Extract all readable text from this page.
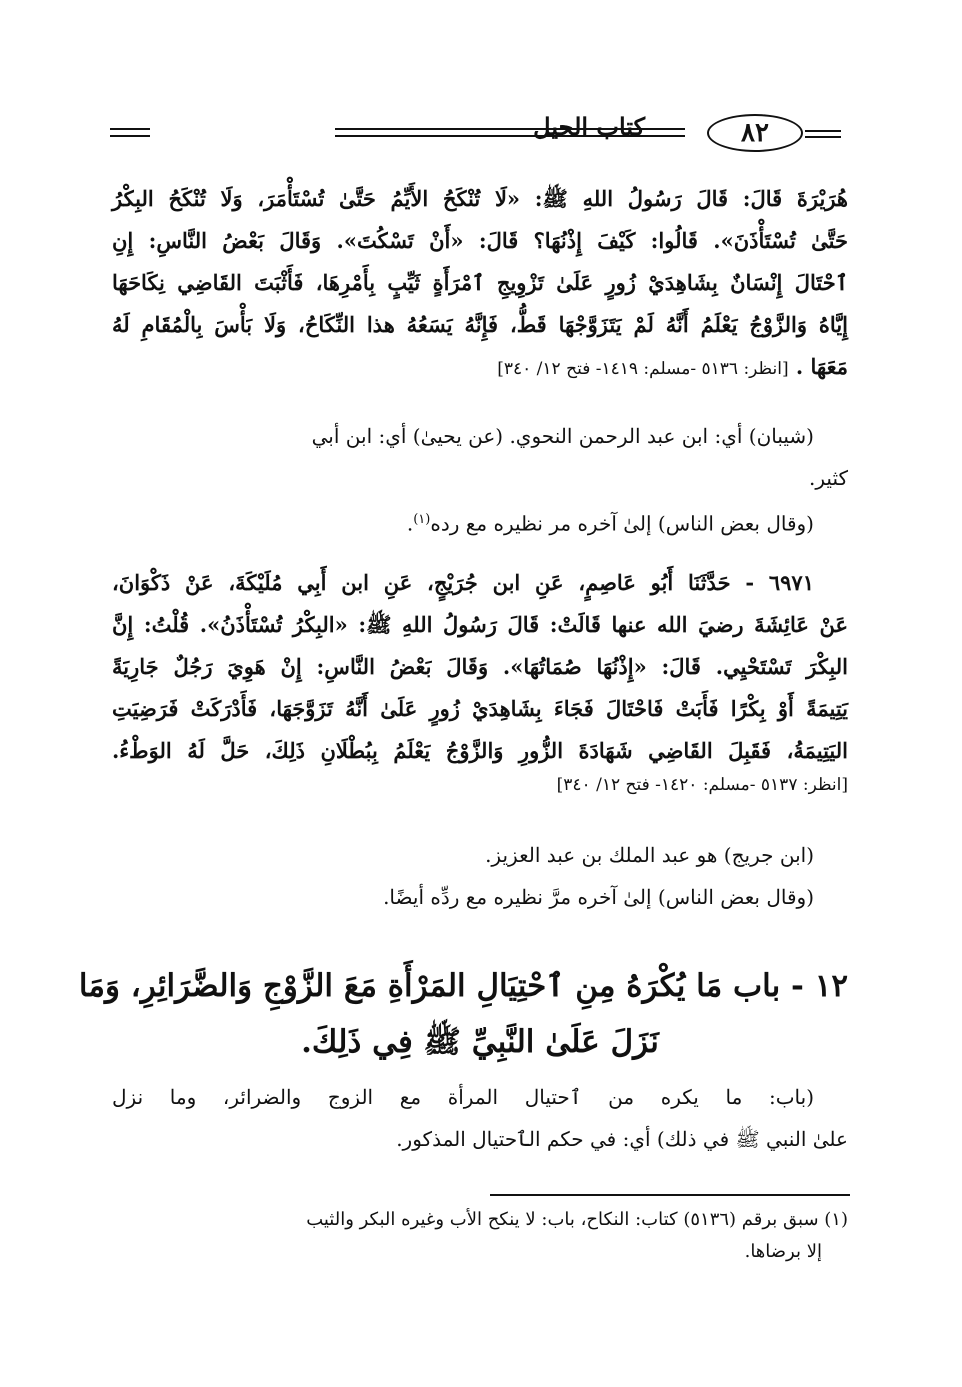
كتاب الحيل	٨٢
هُرَيْرَةَ قَالَ: قَالَ رَسُولُ اللهِ ﷺ: «لَا تُنْكَحُ الأَيِّمُ حَتَّىٰ تُسْتَأْمَرَ، وَلَا تُنْكَحُ البِكْرُ
حَتَّىٰ تُسْتَأْذَنَ». قَالُوا: كَيْفَ إِذْنُهَا؟ قَالَ: «أَنْ تَسْكُتَ». وَقَالَ بَعْضُ النَّاسِ: إِنِ
ٱحْتَالَ إِنْسَانٌ بِشَاهِدَيْ زُورٍ عَلَىٰ تَزْوِيجِ ٱمْرَأَةٍ ثَيِّبٍ بِأَمْرِهَا، فَأَثْبَتَ القَاضِي نِكَاحَهَا
إِيَّاهُ وَالزَّوْجُ يَعْلَمُ أَنَّهُ لَمْ يَتَزَوَّجْهَا قَطُّ، فَإِنَّهُ يَسَعُهُ هذا النِّكَاحُ، وَلَا بَأْسَ بِالْمُقَامِ لَهُ
مَعَهَا . [انظر: ٥١٣٦ -مسلم: ١٤١٩- فتح ١٢/ ٣٤٠]
(شيبان) أي: ابن عبد الرحمن النحوي. (عن يحيىٰ) أي: ابن أبي
كثير.
(وقال بعض الناس) إلىٰ آخره مر نظيره مع رده$^{(١)}$.
٦٩٧١ - حَدَّثَنَا أَبُو عَاصِمٍ، عَنِ ابن جُرَيْجٍ، عَنِ ابن أَبِي مُلَيْكَةَ، عَنْ ذَكْوَانَ،
عَنْ عَائِشَةَ رضيَ الله عنها قَالَتْ: قَالَ رَسُولُ اللهِ ﷺ: «البِكْرُ تُسْتَأْذَنُ». قُلْتُ: إِنَّ
البِكْرَ تَسْتَحْيِي. قَالَ: «إِذْنُهَا صُمَاتُهَا». وَقَالَ بَعْضُ النَّاسِ: إِنْ هَوِيَ رَجُلٌ جَارِيَةً
يَتِيمَةً أَوْ بِكْرًا فَأَبَتْ فَاحْتَالَ فَجَاءَ بِشَاهِدَيْ زُورٍ عَلَىٰ أَنَّهُ تَزَوَّجَهَا، فَأَدْرَكَتْ فَرَضِيَتِ
اليَتِيمَةُ، فَقَبِلَ القَاضِي شَهَادَةَ الزُّورِ وَالزَّوْجُ يَعْلَمُ بِبُطْلَانِ ذَلِكَ، حَلَّ لَهُ الوَطْءُ.
[انظر: ٥١٣٧ -مسلم: ١٤٢٠- فتح ١٢/ ٣٤٠]
(ابن جريج) هو عبد الملك بن عبد العزيز.
(وقال بعض الناس) إلىٰ آخره مرَّ نظيره مع ردِّه أيضًا.
١٢ - باب مَا يُكْرَهُ مِنِ ٱحْتِيَالِ المَرْأَةِ مَعَ الزَّوْجِ وَالضَّرَائِرِ، وَمَا
نَزَلَ عَلَىٰ النَّبِيِّ ﷺ فِي ذَلِكَ.
(باب: ما يكره من ٱحتيال المرأة مع الزوج والضرائر، وما نزل
علىٰ النبي ﷺ في ذلك) أي: في حكم الٱحتيال المذكور.
(١) سبق برقم (٥١٣٦) كتاب: النكاح، باب: لا ينكح الأب وغيره البكر والثيب
إلا برضاها.
